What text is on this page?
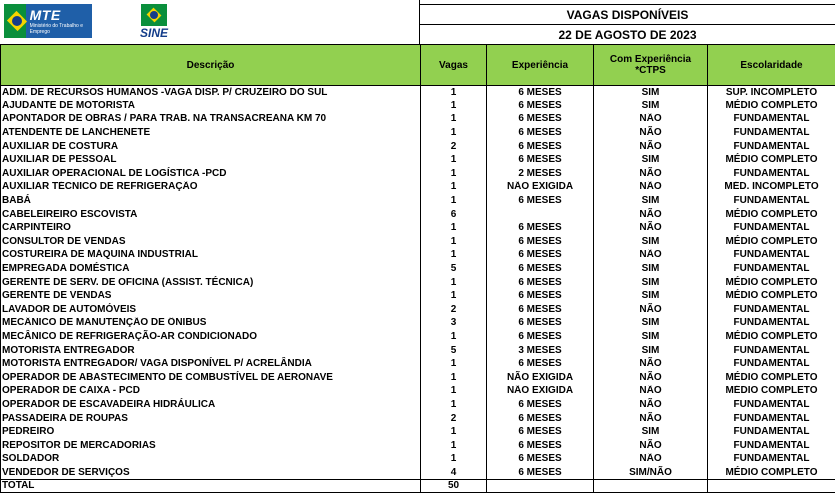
MTE
Ministério do Trabalho e Emprego	SINE
VAGAS DISPONÍVEIS
22 DE AGOSTO DE 2023
Descrição	Vagas	Experiência	Com Experiência *CTPS	Escolaridade
ADM. DE RECURSOS HUMANOS -VAGA DISP. P/ CRUZEIRO DO SUL	1	6 MESES	SIM	SUP. INCOMPLETO
AJUDANTE DE MOTORISTA	1	6 MESES	SIM	MÉDIO COMPLETO
APONTADOR DE OBRAS / PARA TRAB. NA TRANSACREANA KM 70	1	6 MESES	NÃO	FUNDAMENTAL
ATENDENTE DE LANCHENETE	1	6 MESES	NÃO	FUNDAMENTAL
AUXILIAR DE COSTURA	2	6 MESES	NÃO	FUNDAMENTAL
AUXILIAR DE PESSOAL	1	6 MESES	SIM	MÉDIO COMPLETO
AUXILIAR OPERACIONAL DE LOGÍSTICA -PCD	1	2 MESES	NÃO	FUNDAMENTAL
AUXILIAR TÉCNICO DE REFRIGERAÇÃO	1	NÃO EXIGIDA	NÃO	MÉD. INCOMPLETO
BABÁ	1	6 MESES	SIM	FUNDAMENTAL
CABELEIREIRO ESCOVISTA	6		NÃO	MÉDIO COMPLETO
CARPINTEIRO	1	6 MESES	NÃO	FUNDAMENTAL
CONSULTOR DE VENDAS	1	6 MESES	SIM	MÉDIO COMPLETO
COSTUREIRA DE MÁQUINA INDUSTRIAL	1	6 MESES	NÃO	FUNDAMENTAL
EMPREGADA DOMÉSTICA	5	6 MESES	SIM	FUNDAMENTAL
GERENTE DE SERV. DE OFICINA (ASSIST. TÉCNICA)	1	6 MESES	SIM	MÉDIO COMPLETO
GERENTE DE VENDAS	1	6 MESES	SIM	MÉDIO COMPLETO
LAVADOR DE AUTOMÓVEIS	2	6 MESES	NÃO	FUNDAMENTAL
MECÂNICO DE MANUTENÇÃO DE ÔNIBUS	3	6 MESES	SIM	FUNDAMENTAL
MECÂNICO DE REFRIGERAÇÃO-AR CONDICIONADO	1	6 MESES	SIM	MÉDIO COMPLETO
MOTORISTA ENTREGADOR	5	3 MESES	SIM	FUNDAMENTAL
MOTORISTA ENTREGADOR/ VAGA DISPONÍVEL P/ ACRELÂNDIA	1	6 MESES	NÃO	FUNDAMENTAL
OPERADOR DE ABASTECIMENTO DE COMBUSTÍVEL DE AERONAVE	1	NÃO EXIGIDA	NÃO	MÉDIO COMPLETO
OPERADOR DE CAIXA - PCD	1	NÃO EXIGIDA	NÃO	MÉDIO COMPLETO
OPERADOR DE ESCAVADEIRA HIDRÁULICA	1	6 MESES	NÃO	FUNDAMENTAL
PASSADEIRA DE ROUPAS	2	6 MESES	NÃO	FUNDAMENTAL
PEDREIRO	1	6 MESES	SIM	FUNDAMENTAL
REPOSITOR DE MERCADORIAS	1	6 MESES	NÃO	FUNDAMENTAL
SOLDADOR	1	6 MESES	NÃO	FUNDAMENTAL
VENDEDOR DE SERVIÇOS	4	6 MESES	SIM/NÃO	MÉDIO COMPLETO
TOTAL	50			
